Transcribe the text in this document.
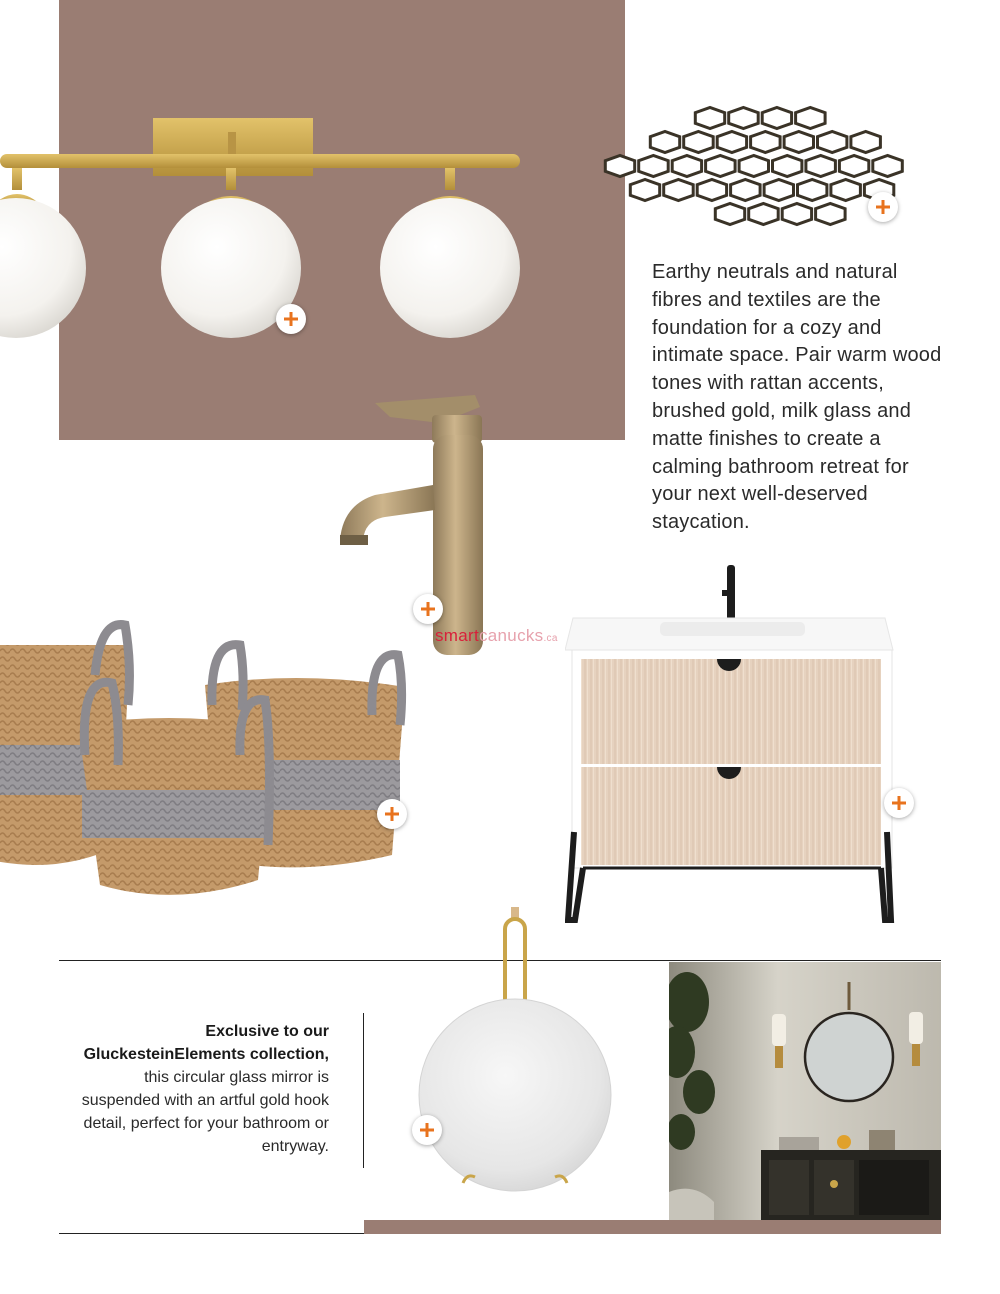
Earthy neutrals and natural fibres and textiles are the foundation for a cozy and intimate space. Pair warm wood tones with rattan accents, brushed gold, milk glass and matte finishes to create a calming bathroom retreat for your next well-deserved staycation.

smartcanucks.ca

Exclusive to our GluckesteinElements collection, this circular glass mirror is suspended with an artful gold hook detail, perfect for your bathroom or entryway.
